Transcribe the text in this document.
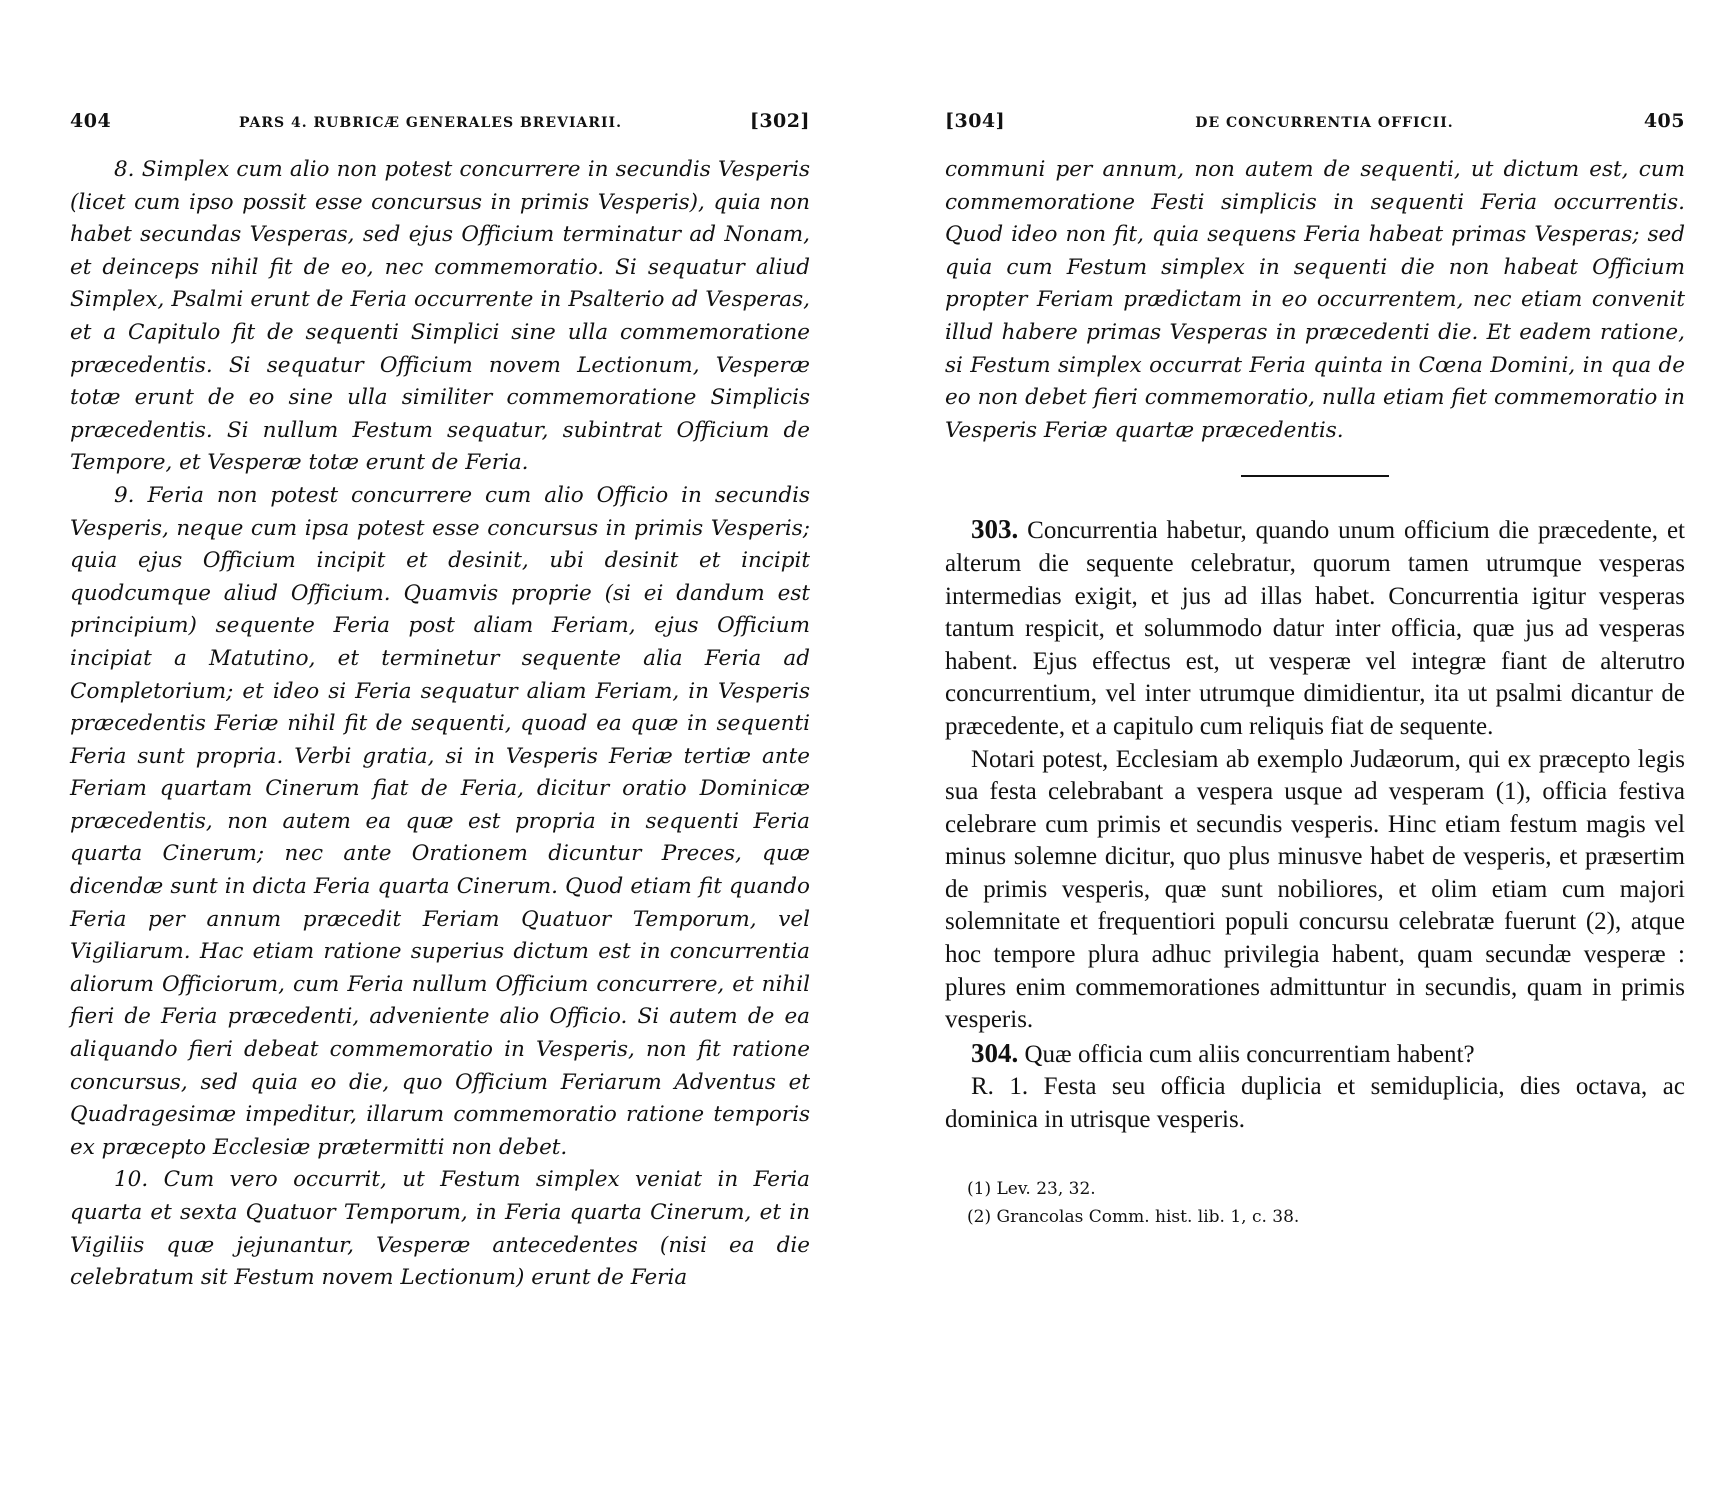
404	PARS 4. RUBRICÆ GENERALES BREVIARII.	[302]

8. Simplex cum alio non potest concurrere in secundis Vesperis (licet cum ipso possit esse concursus in primis Vesperis), quia non habet secundas Vesperas, sed ejus Officium terminatur ad Nonam, et deinceps nihil fit de eo, nec commemoratio. Si sequatur aliud Simplex, Psalmi erunt de Feria occurrente in Psalterio ad Vesperas, et a Capitulo fit de sequenti Simplici sine ulla commemoratione præcedentis. Si sequatur Officium novem Lectionum, Vesperæ totæ erunt de eo sine ulla similiter commemoratione Simplicis præcedentis. Si nullum Festum sequatur, subintrat Officium de Tempore, et Vesperæ totæ erunt de Feria.

9. Feria non potest concurrere cum alio Officio in secundis Vesperis, neque cum ipsa potest esse concursus in primis Vesperis; quia ejus Officium incipit et desinit, ubi desinit et incipit quodcumque aliud Officium. Quamvis proprie (si ei dandum est principium) sequente Feria post aliam Feriam, ejus Officium incipiat a Matutino, et terminetur sequente alia Feria ad Completorium; et ideo si Feria sequatur aliam Feriam, in Vesperis præcedentis Feriæ nihil fit de sequenti, quoad ea quæ in sequenti Feria sunt propria. Verbi gratia, si in Vesperis Feriæ tertiæ ante Feriam quartam Cinerum fiat de Feria, dicitur oratio Dominicæ præcedentis, non autem ea quæ est propria in sequenti Feria quarta Cinerum; nec ante Orationem dicuntur Preces, quæ dicendæ sunt in dicta Feria quarta Cinerum. Quod etiam fit quando Feria per annum præcedit Feriam Quatuor Temporum, vel Vigiliarum. Hac etiam ratione superius dictum est in concurrentia aliorum Officiorum, cum Feria nullum Officium concurrere, et nihil fieri de Feria præcedenti, adveniente alio Officio. Si autem de ea aliquando fieri debeat commemoratio in Vesperis, non fit ratione concursus, sed quia eo die, quo Officium Feriarum Adventus et Quadragesimæ impeditur, illarum commemoratio ratione temporis ex præcepto Ecclesiæ prætermitti non debet.

10. Cum vero occurrit, ut Festum simplex veniat in Feria quarta et sexta Quatuor Temporum, in Feria quarta Cinerum, et in Vigiliis quæ jejunantur, Vesperæ antecedentes (nisi ea die celebratum sit Festum novem Lectionum) erunt de Feria

[304]	DE CONCURRENTIA OFFICII.	405

communi per annum, non autem de sequenti, ut dictum est, cum commemoratione Festi simplicis in sequenti Feria occurrentis. Quod ideo non fit, quia sequens Feria habeat primas Vesperas; sed quia cum Festum simplex in sequenti die non habeat Officium propter Feriam prædictam in eo occurrentem, nec etiam convenit illud habere primas Vesperas in præcedenti die. Et eadem ratione, si Festum simplex occurrat Feria quinta in Cœna Domini, in qua de eo non debet fieri commemoratio, nulla etiam fiet commemoratio in Vesperis Feriæ quartæ præcedentis.

303. Concurrentia habetur, quando unum officium die præcedente, et alterum die sequente celebratur, quorum tamen utrumque vesperas intermedias exigit, et jus ad illas habet. Concurrentia igitur vesperas tantum respicit, et solummodo datur inter officia, quæ jus ad vesperas habent. Ejus effectus est, ut vesperæ vel integræ fiant de alterutro concurrentium, vel inter utrumque dimidientur, ita ut psalmi dicantur de præcedente, et a capitulo cum reliquis fiat de sequente.

Notari potest, Ecclesiam ab exemplo Judæorum, qui ex præcepto legis sua festa celebrabant a vespera usque ad vesperam (1), officia festiva celebrare cum primis et secundis vesperis. Hinc etiam festum magis vel minus solemne dicitur, quo plus minusve habet de vesperis, et præsertim de primis vesperis, quæ sunt nobiliores, et olim etiam cum majori solemnitate et frequentiori populi concursu celebratæ fuerunt (2), atque hoc tempore plura adhuc privilegia habent, quam secundæ vesperæ : plures enim commemorationes admittuntur in secundis, quam in primis vesperis.

304. Quæ officia cum aliis concurrentiam habent?

R. 1. Festa seu officia duplicia et semiduplicia, dies octava, ac dominica in utrisque vesperis.

(1) Lev. 23, 32.
(2) Grancolas Comm. hist. lib. 1, c. 38.
